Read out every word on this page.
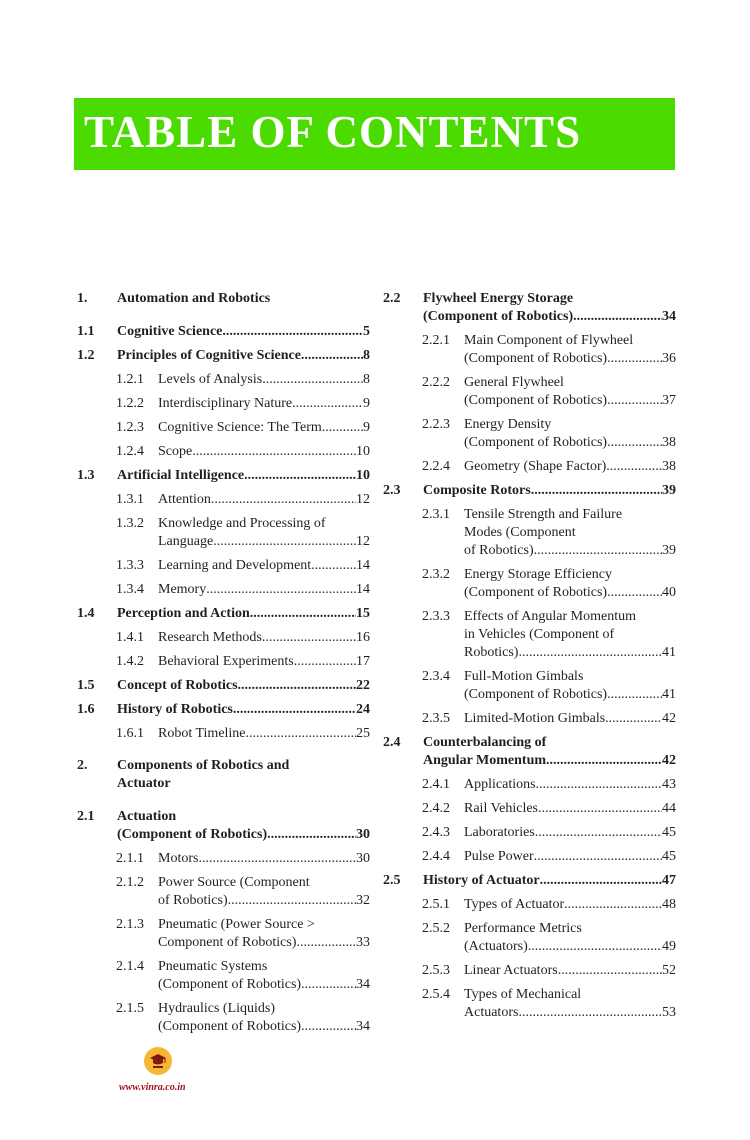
TABLE OF CONTENTS
1. Automation and Robotics
1.1 Cognitive Science .....	5
1.2 Principles of Cognitive Science .....	8
1.2.1 Levels of Analysis .....	8
1.2.2 Interdisciplinary Nature .....	9
1.2.3 Cognitive Science: The Term .....	9
1.2.4 Scope .....	10
1.3 Artificial Intelligence .....	10
1.3.1 Attention .....	12
1.3.2 Knowledge and Processing of
Language .....	12
1.3.3 Learning and Development .....	14
1.3.4 Memory .....	14
1.4 Perception and Action .....	15
1.4.1 Research Methods .....	16
1.4.2 Behavioral Experiments .....	17
1.5 Concept of Robotics .....	22
1.6 History of Robotics .....	24
1.6.1 Robot Timeline .....	25
2. Components of Robotics and
Actuator
2.1 Actuation
(Component of Robotics) .....	30
2.1.1 Motors .....	30
2.1.2 Power Source (Component
of Robotics) .....	32
2.1.3 Pneumatic (Power Source >
Component of Robotics) .....	33
2.1.4 Pneumatic Systems
(Component of Robotics) .....	34
2.1.5 Hydraulics (Liquids)
(Component of Robotics) .....	34
2.2 Flywheel Energy Storage
(Component of Robotics) .....	34
2.2.1 Main Component of Flywheel
(Component of Robotics) .....	36
2.2.2 General Flywheel
(Component of Robotics) .....	37
2.2.3 Energy Density
(Component of Robotics) .....	38
2.2.4 Geometry (Shape Factor) .....	38
2.3 Composite Rotors .....	39
2.3.1 Tensile Strength and Failure
Modes (Component
of Robotics) .....	39
2.3.2 Energy Storage Efficiency
(Component of Robotics) .....	40
2.3.3 Effects of Angular Momentum
in Vehicles (Component of
Robotics) .....	41
2.3.4 Full-Motion Gimbals
(Component of Robotics) .....	41
2.3.5 Limited-Motion Gimbals .....	42
2.4 Counterbalancing of
Angular Momentum .....	42
2.4.1 Applications .....	43
2.4.2 Rail Vehicles .....	44
2.4.3 Laboratories .....	45
2.4.4 Pulse Power .....	45
2.5 History of Actuator .....	47
2.5.1 Types of Actuator .....	48
2.5.2 Performance Metrics
(Actuators) .....	49
2.5.3 Linear Actuators .....	52
2.5.4 Types of Mechanical
Actuators .....	53
www.vinra.co.in
